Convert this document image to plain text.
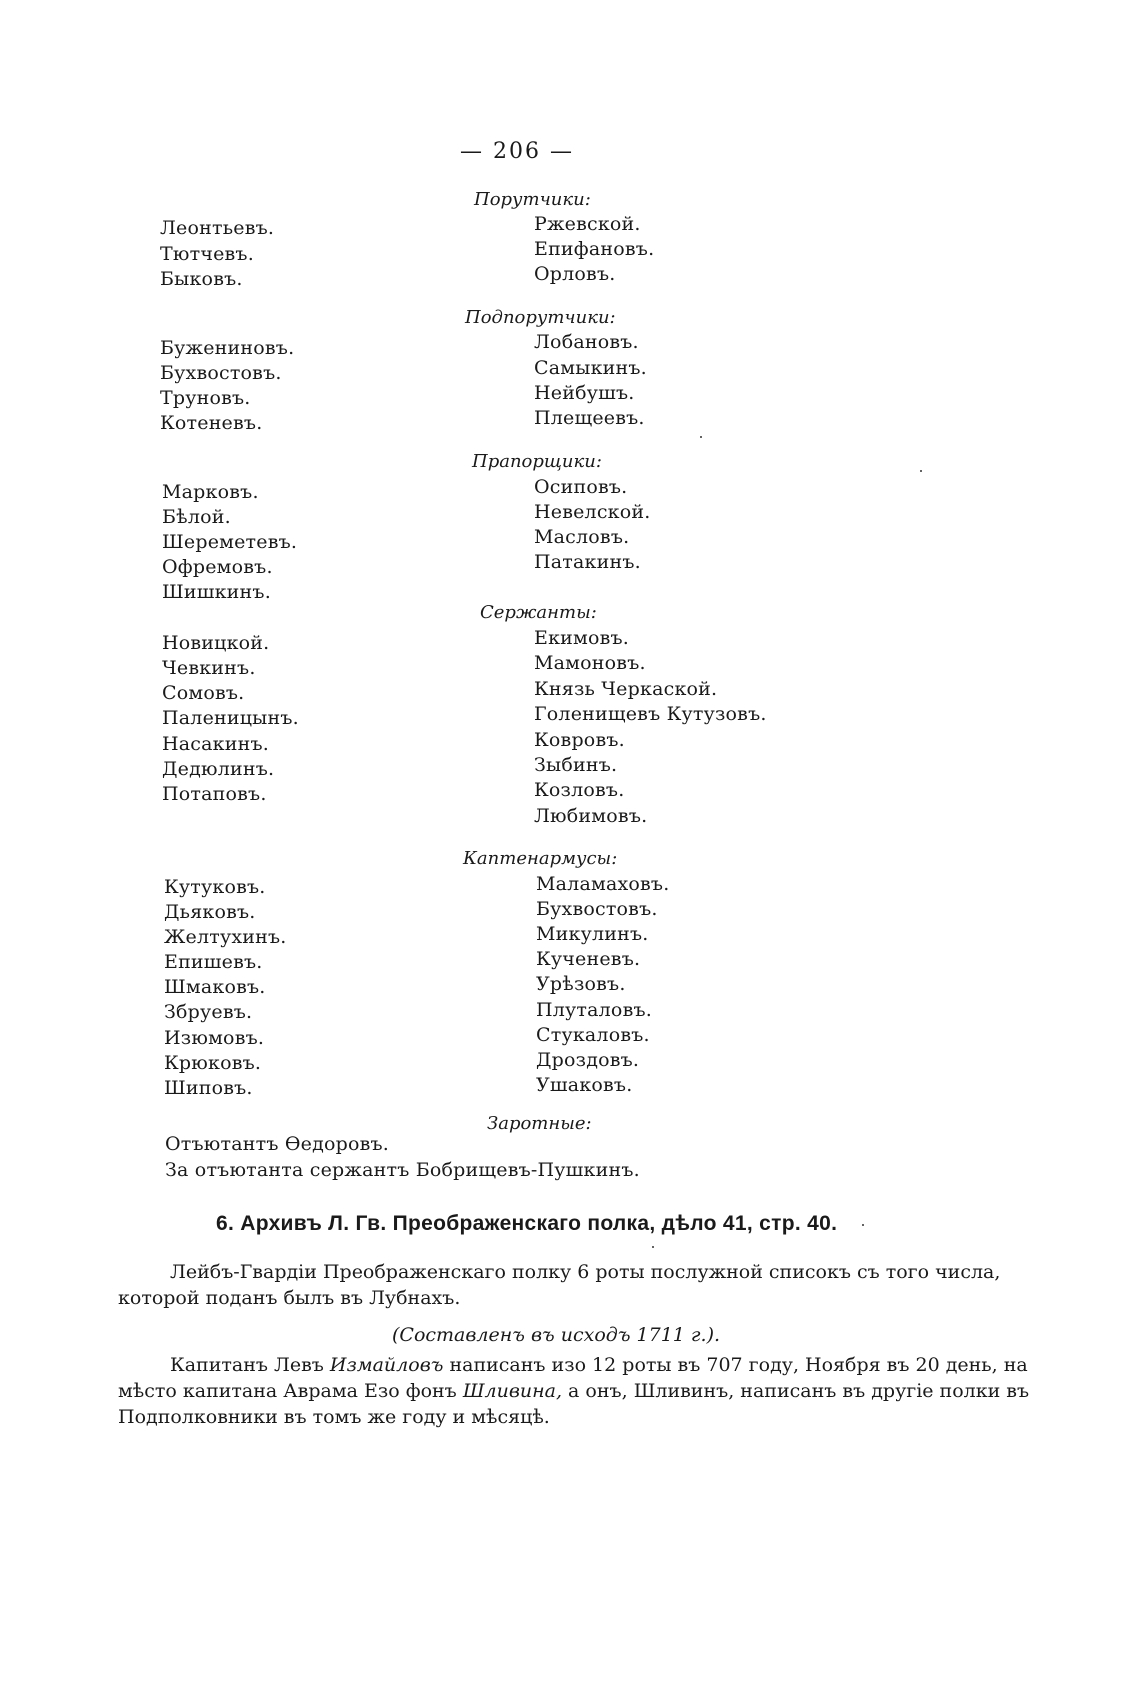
— 206 —
Леонтьевъ.
Тютчевъ.
Быковъ.
Бужениновъ.
Бухвостовъ.
Труновъ.
Котеневъ.
Марковъ.
Бѣлой.
Шереметевъ.
Офремовъ.
Шишкинъ.
Новицкой.
Чевкинъ.
Сомовъ.
Паленицынъ.
Насакинъ.
Дедюлинъ.
Потаповъ.
Кутуковъ.
Дьяковъ.
Желтухинъ.
Епишевъ.
Шмаковъ.
Збруевъ.
Изюмовъ.
Крюковъ.
Шиповъ.
Порутчики:
Ржевской.
Епифановъ.
Орловъ.
Подпорутчики:
Лобановъ.
Самыкинъ.
Нейбушъ.
Плещеевъ.
Прапорщики:
Осиповъ.
Невелской.
Масловъ.
Патакинъ.
Сержанты:
Екимовъ.
Мамоновъ.
Князь Черкаской.
Голенищевъ Кутузовъ.
Ковровъ.
Зыбинъ.
Козловъ.
Любимовъ.
Каптенармусы:
Маламаховъ.
Бухвостовъ.
Микулинъ.
Кученевъ.
Урѣзовъ.
Плуталовъ.
Стукаловъ.
Дроздовъ.
Ушаковъ.
Заротные:
Отъютантъ Өедоровъ.
За отъютанта сержантъ Бобрищевъ-Пушкинъ.
6. Архивъ Л. Гв. Преображенскаго полка, дѣло 41, стр. 40.
Лейбъ-Гвардіи Преображенскаго полку 6 роты послужной списокъ съ того числа,
которой поданъ былъ въ Лубнахъ.
(Составленъ въ исходъ 1711 г.).
Капитанъ Левъ Измайловъ написанъ изо 12 роты въ 707 году, Ноября въ 20 день, на
мѣсто капитана Аврама Езо фонъ Шливина, а онъ, Шливинъ, написанъ въ другіе полки въ
Подполковники въ томъ же году и мѣсяцѣ.
